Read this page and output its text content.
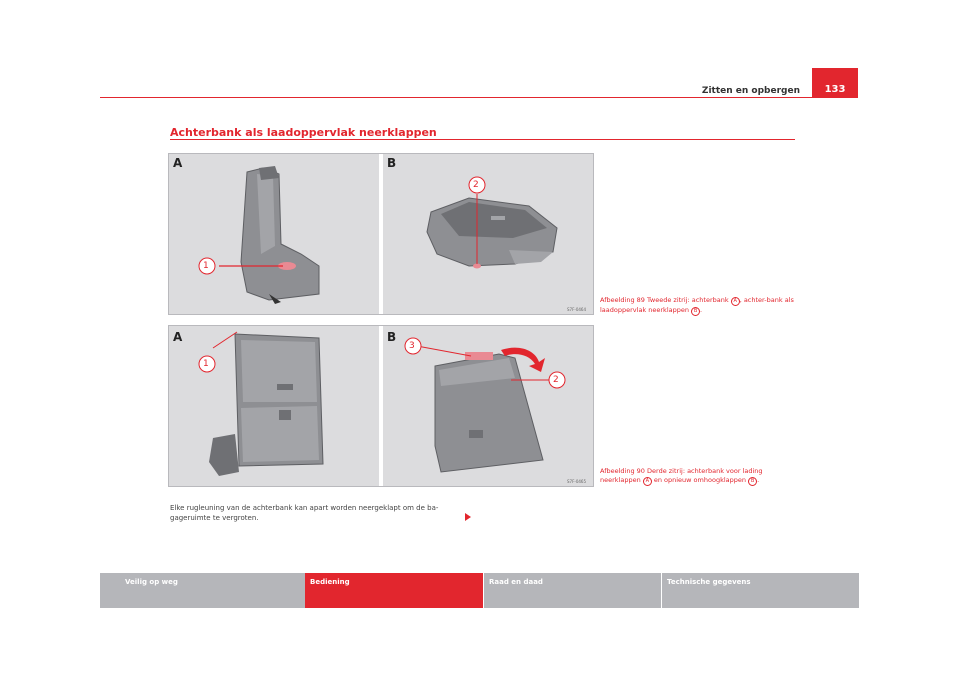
Zitten en opbergen	133
Achterbank als laadoppervlak neerklappen
A	B
1
2
S7F-0464
Afbeelding 89 Tweede zitrij: achterbank A , achter-bank als laadoppervlak neerklappen B .
A	B
1
3
2
S7F-0465
Afbeelding 90 Derde zitrij: achterbank voor lading neerklappen A en opnieuw omhoogklappen B .
Elke rugleuning van de achterbank kan apart worden neergeklapt om de ba-gageruimte te vergroten.
Veilig op weg	Bediening	Raad en daad	Technische gegevens
